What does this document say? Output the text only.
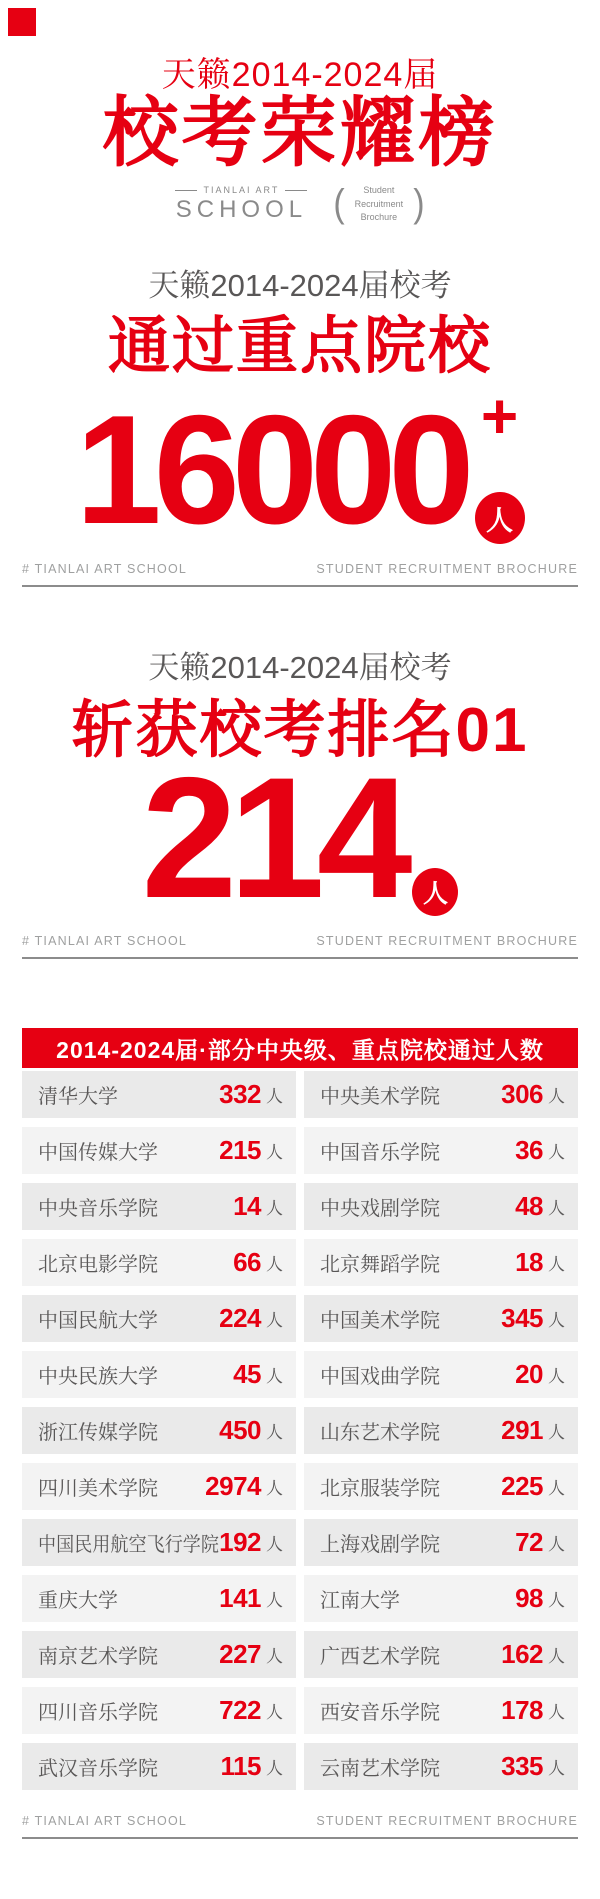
天籁2014-2024届
校考荣耀榜
TIANLAI ART
SCHOOL (	Student
Recruitment
Brochure )
天籁2014-2024届校考
通过重点院校
16000 +
人
# TIANLAI ART SCHOOL	STUDENT RECRUITMENT BROCHURE
天籁2014-2024届校考
斩获校考排名01
214 人
# TIANLAI ART SCHOOL	STUDENT RECRUITMENT BROCHURE
2014-2024届·部分中央级、重点院校通过人数
清华大学	332 人 中央美术学院	306 人
中国传媒大学	215 人 中国音乐学院	36 人
中央音乐学院	14 人 中央戏剧学院	48 人
北京电影学院	66 人 北京舞蹈学院	18 人
中国民航大学	224 人 中国美术学院	345 人
中央民族大学	45 人 中国戏曲学院	20 人
浙江传媒学院	450 人 山东艺术学院	291 人
四川美术学院	2974 人 北京服装学院	225 人
中国民用航空飞行学院 192 人 上海戏剧学院	72 人
重庆大学	141 人 江南大学	98 人
南京艺术学院	227 人 广西艺术学院	162 人
四川音乐学院	722 人 西安音乐学院	178 人
武汉音乐学院	115 人 云南艺术学院	335 人
# TIANLAI ART SCHOOL	STUDENT RECRUITMENT BROCHURE
